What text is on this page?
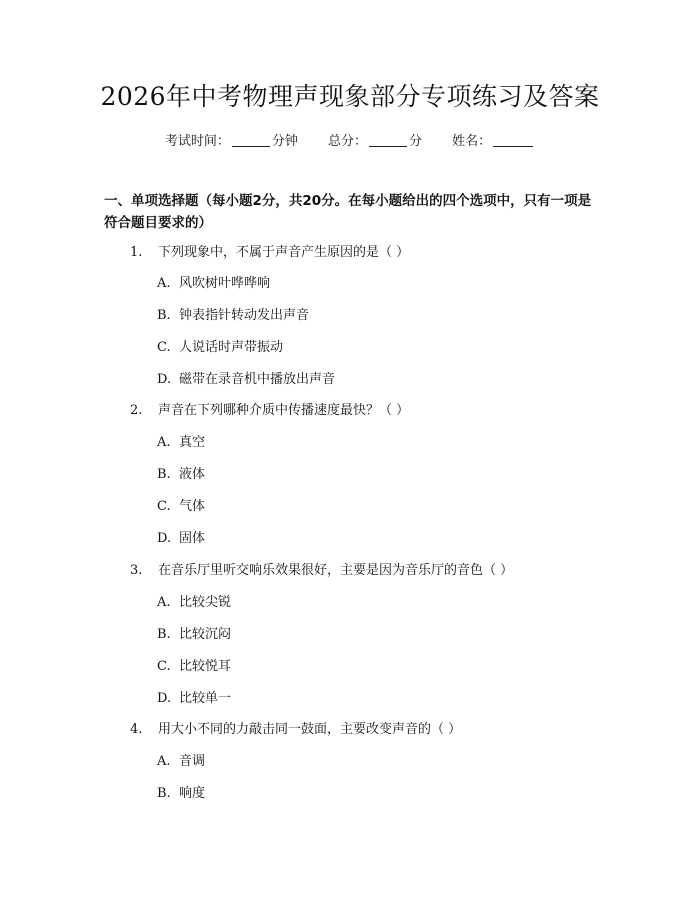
2026年中考物理声现象部分专项练习及答案
考试时间：	分钟 总分：	分 姓名：
一、单项选择题（每小题2分，共20分。在每小题给出的四个选项中，只有一项是符合题目要求的）
1. 下列现象中，不属于声音产生原因的是（ ）
A. 风吹树叶哗哗响
B. 钟表指针转动发出声音
C. 人说话时声带振动
D. 磁带在录音机中播放出声音
2. 声音在下列哪种介质中传播速度最快？（ ）
A. 真空
B. 液体
C. 气体
D. 固体
3. 在音乐厅里听交响乐效果很好，主要是因为音乐厅的音色（ ）
A. 比较尖锐
B. 比较沉闷
C. 比较悦耳
D. 比较单一
4. 用大小不同的力敲击同一鼓面，主要改变声音的（ ）
A. 音调
B. 响度
